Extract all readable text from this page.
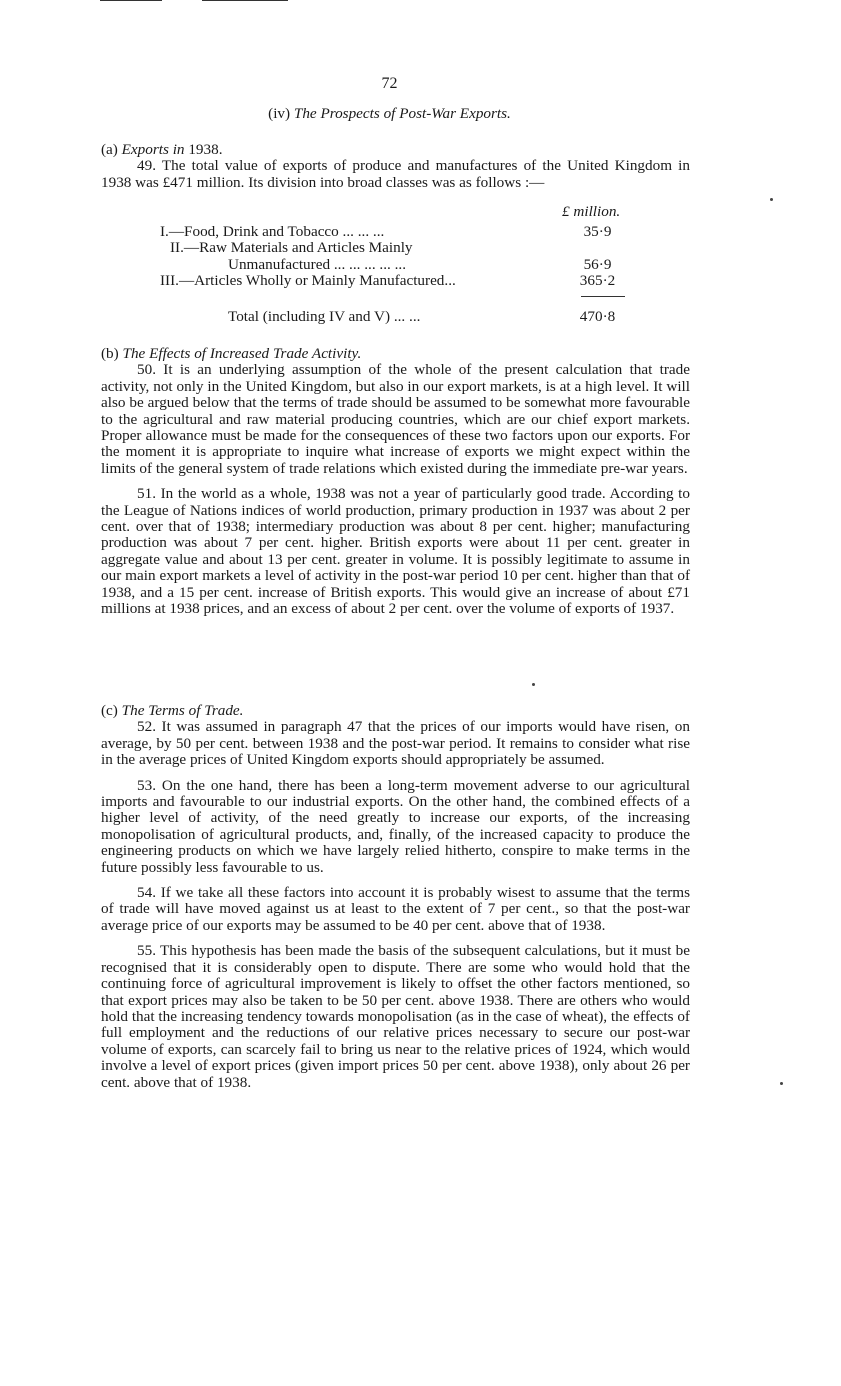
72
(iv) The Prospects of Post-War Exports.

(a) Exports in 1938.

49. The total value of exports of produce and manufactures of the United Kingdom in 1938 was £471 million. Its division into broad classes was as follows :—

£ million.
I.—Food, Drink and Tobacco ... ... ...	35·9
II.—Raw Materials and Articles Mainly
Unmanufactured ... ... ... ... ...	56·9
III.—Articles Wholly or Mainly Manufactured...	365·2
Total (including IV and V) ... ...	470·8

(b) The Effects of Increased Trade Activity.

50. It is an underlying assumption of the whole of the present calculation that trade activity, not only in the United Kingdom, but also in our export markets, is at a high level. It will also be argued below that the terms of trade should be assumed to be somewhat more favourable to the agricultural and raw material producing countries, which are our chief export markets. Proper allowance must be made for the consequences of these two factors upon our exports. For the moment it is appropriate to inquire what increase of exports we might expect within the limits of the general system of trade relations which existed during the immediate pre-war years.

51. In the world as a whole, 1938 was not a year of particularly good trade. According to the League of Nations indices of world production, primary production in 1937 was about 2 per cent. over that of 1938; intermediary production was about 8 per cent. higher; manufacturing production was about 7 per cent. higher. British exports were about 11 per cent. greater in aggregate value and about 13 per cent. greater in volume. It is possibly legitimate to assume in our main export markets a level of activity in the post-war period 10 per cent. higher than that of 1938, and a 15 per cent. increase of British exports. This would give an increase of about £71 millions at 1938 prices, and an excess of about 2 per cent. over the volume of exports of 1937.

(c) The Terms of Trade.

52. It was assumed in paragraph 47 that the prices of our imports would have risen, on average, by 50 per cent. between 1938 and the post-war period. It remains to consider what rise in the average prices of United Kingdom exports should appropriately be assumed.

53. On the one hand, there has been a long-term movement adverse to our agricultural imports and favourable to our industrial exports. On the other hand, the combined effects of a higher level of activity, of the need greatly to increase our exports, of the increasing monopolisation of agricultural products, and, finally, of the increased capacity to produce the engineering products on which we have largely relied hitherto, conspire to make terms in the future possibly less favourable to us.

54. If we take all these factors into account it is probably wisest to assume that the terms of trade will have moved against us at least to the extent of 7 per cent., so that the post-war average price of our exports may be assumed to be 40 per cent. above that of 1938.

55. This hypothesis has been made the basis of the subsequent calculations, but it must be recognised that it is considerably open to dispute. There are some who would hold that the continuing force of agricultural improvement is likely to offset the other factors mentioned, so that export prices may also be taken to be 50 per cent. above 1938. There are others who would hold that the increasing tendency towards monopolisation (as in the case of wheat), the effects of full employment and the reductions of our relative prices necessary to secure our post-war volume of exports, can scarcely fail to bring us near to the relative prices of 1924, which would involve a level of export prices (given import prices 50 per cent. above 1938), only about 26 per cent. above that of 1938.
